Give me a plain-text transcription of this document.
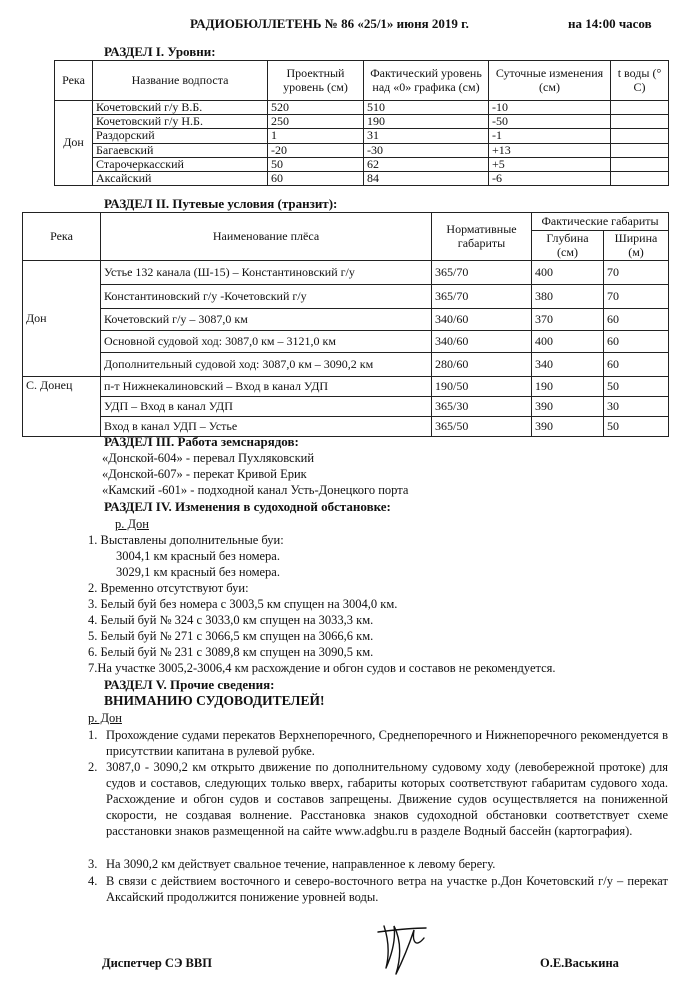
РАДИОБЮЛЛЕТЕНЬ № 86 «25/1» июня 2019 г.	на 14:00 часов
РАЗДЕЛ I. Уровни:
Река	Название водпоста	Проектный уровень (см)	Фактический уровень над «0» графика (см)	Суточные изменения (см)	t воды (° С)
Дон	Кочетовский г/у В.Б.	520	510	-10	
	Кочетовский г/у Н.Б.	250	190	-50	
	Раздорский	1	31	-1	
	Багаевский	-20	-30	+13	
	Старочеркасский	50	62	+5	
	Аксайский	60	84	-6	
РАЗДЕЛ II. Путевые условия (транзит):
Река	Наименование плёса	Нормативные габариты	Фактические габариты	
			Глубина (см)	Ширина (м)
Дон	Устье 132 канала (Ш-15) – Константиновский г/у	365/70	400	70
	Константиновский г/у -Кочетовский г/у	365/70	380	70
	Кочетовский г/у – 3087,0 км	340/60	370	60
	Основной судовой ход: 3087,0 км – 3121,0 км	340/60	400	60
	Дополнительный судовой ход: 3087,0 км – 3090,2 км	280/60	340	60
С. Донец	п-т Нижнекалиновский – Вход в канал УДП	190/50	190	50
	УДП – Вход в канал УДП	365/30	390	30
	Вход в канал УДП – Устье	365/50	390	50
РАЗДЕЛ III. Работа земснарядов:
«Донской-604» - перевал Пухляковский
«Донской-607» - перекат Кривой Ерик
«Камский -601» - подходной канал Усть-Донецкого порта
РАЗДЕЛ IV. Изменения в судоходной обстановке:
р. Дон
1. Выставлены дополнительные буи:
3004,1 км красный без номера.
3029,1 км красный без номера.
2. Временно отсутствуют буи:
3. Белый буй без номера с 3003,5 км спущен на 3004,0 км.
4. Белый буй № 324 с 3033,0 км спущен на 3033,3 км.
5. Белый буй № 271 с 3066,5 км спущен на 3066,6 км.
6. Белый буй № 231 с 3089,8 км спущен на 3090,5 км.
7.На участке 3005,2-3006,4 км расхождение и обгон судов и составов не рекомендуется.
РАЗДЕЛ V. Прочие сведения:
ВНИМАНИЮ СУДОВОДИТЕЛЕЙ!
р. Дон
1. Прохождение судами перекатов Верхнепоречного, Среднепоречного и Нижнепоречного рекомендуется в присутствии капитана в рулевой рубке.
2. 3087,0 - 3090,2 км открыто движение по дополнительному судовому ходу (левобережной протоке) для судов и составов, следующих только вверх, габариты которых соответствуют габаритам судового хода. Расхождение и обгон судов и составов запрещены. Движение судов осуществляется на пониженной скорости, не создавая волнение. Расстановка знаков судоходной обстановки соответствует схеме расстановки знаков размещенной на сайте www.adgbu.ru в разделе Водный бассейн (картография).
3. На 3090,2 км действует свальное течение, направленное к левому берегу.
4. В связи с действием восточного и северо-восточного ветра на участке р.Дон Кочетовский г/у – перекат Аксайский продолжится понижение уровней воды.
Диспетчер СЭ ВВП	О.Е.Васькина
